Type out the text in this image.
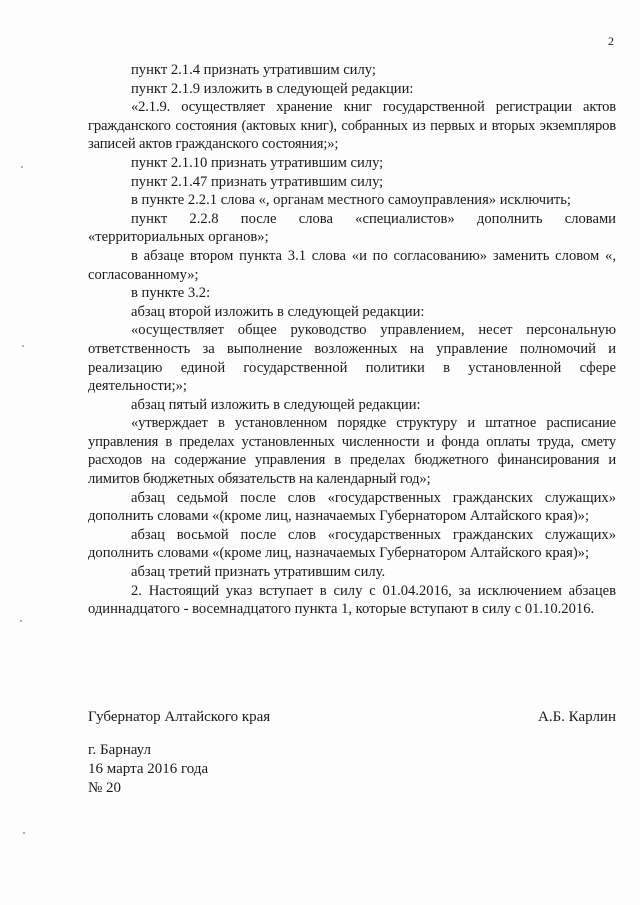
2

пункт 2.1.4 признать утратившим силу;

пункт 2.1.9 изложить в следующей редакции:

«2.1.9. осуществляет хранение книг государственной регистрации актов гражданского состояния (актовых книг), собранных из первых и вторых экземпляров записей актов гражданского состояния;»;

пункт 2.1.10 признать утратившим силу;

пункт 2.1.47 признать утратившим силу;

в пункте 2.2.1 слова «, органам местного самоуправления» исключить;

пункт 2.2.8 после слова «специалистов» дополнить словами «территориальных органов»;

в абзаце втором пункта 3.1 слова «и по согласованию» заменить словом «, согласованному»;

в пункте 3.2:

абзац второй изложить в следующей редакции:

«осуществляет общее руководство управлением, несет персональную ответственность за выполнение возложенных на управление полномочий и реализацию единой государственной политики в установленной сфере деятельности;»;

абзац пятый изложить в следующей редакции:

«утверждает в установленном порядке структуру и штатное расписание управления в пределах установленных численности и фонда оплаты труда, смету расходов на содержание управления в пределах бюджетного финансирования и лимитов бюджетных обязательств на календарный год»;

абзац седьмой после слов «государственных гражданских служащих» дополнить словами «(кроме лиц, назначаемых Губернатором Алтайского края)»;

абзац восьмой после слов «государственных гражданских служащих» дополнить словами «(кроме лиц, назначаемых Губернатором Алтайского края)»;

абзац третий признать утратившим силу.

2. Настоящий указ вступает в силу с 01.04.2016, за исключением абзацев одиннадцатого - восемнадцатого пункта 1, которые вступают в силу с 01.10.2016.

Губернатор Алтайского края	А.Б. Карлин
г. Барнаул
16 марта 2016 года
№ 20
